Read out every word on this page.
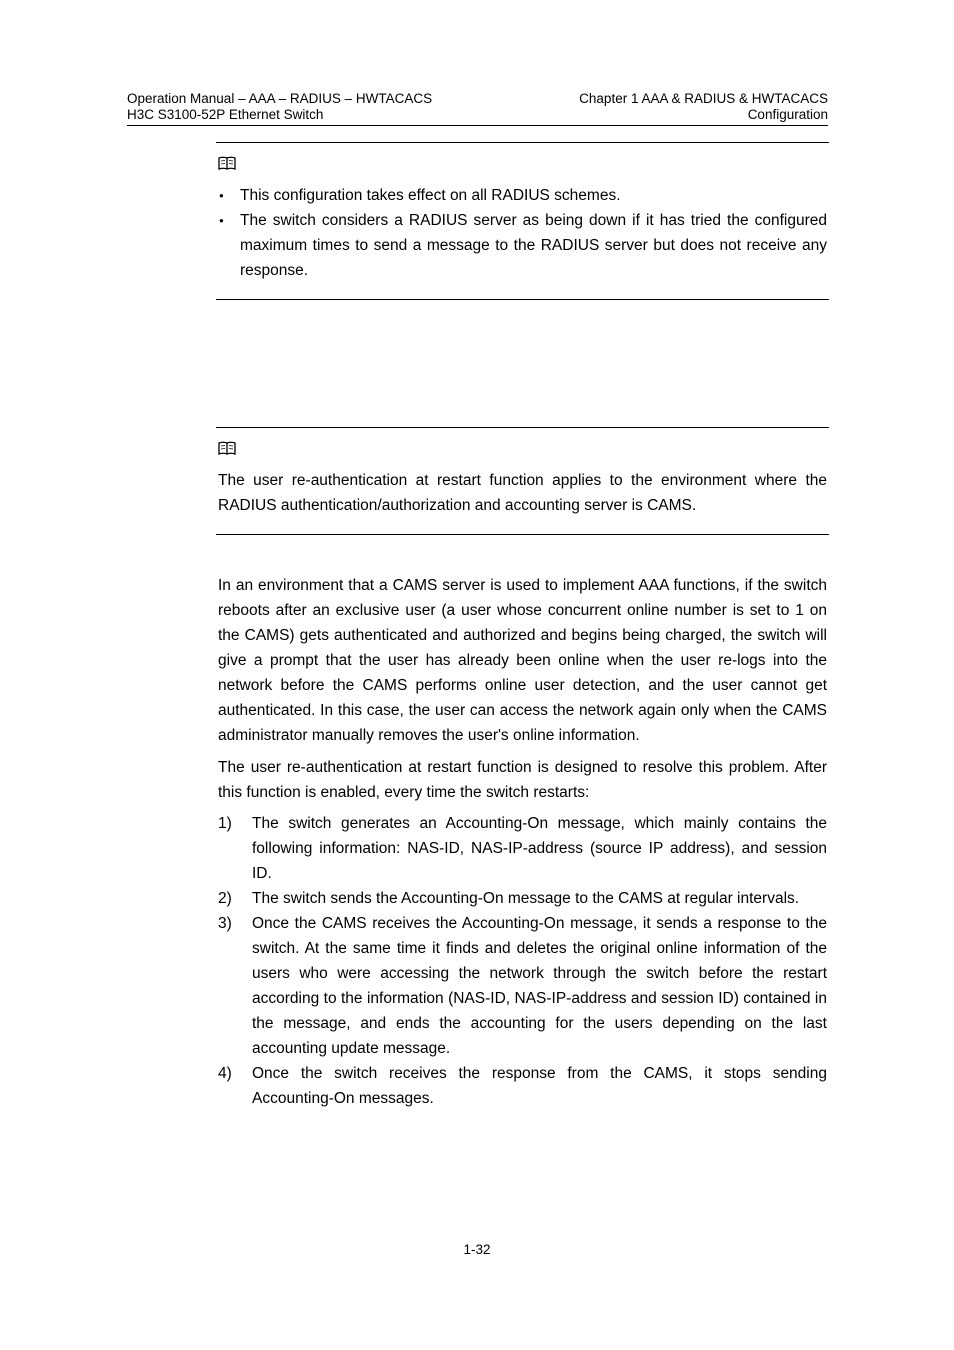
Operation Manual – AAA – RADIUS – HWTACACS
H3C S3100-52P Ethernet Switch
Chapter 1 AAA & RADIUS & HWTACACS
Configuration
● This configuration takes effect on all RADIUS schemes.
● The switch considers a RADIUS server as being down if it has tried the configured maximum times to send a message to the RADIUS server but does not receive any response.

The user re-authentication at restart function applies to the environment where the RADIUS authentication/authorization and accounting server is CAMS.

In an environment that a CAMS server is used to implement AAA functions, if the switch reboots after an exclusive user (a user whose concurrent online number is set to 1 on the CAMS) gets authenticated and authorized and begins being charged, the switch will give a prompt that the user has already been online when the user re-logs into the network before the CAMS performs online user detection, and the user cannot get authenticated. In this case, the user can access the network again only when the CAMS administrator manually removes the user's online information.

The user re-authentication at restart function is designed to resolve this problem. After this function is enabled, every time the switch restarts:

1) The switch generates an Accounting-On message, which mainly contains the following information: NAS-ID, NAS-IP-address (source IP address), and session ID.
2) The switch sends the Accounting-On message to the CAMS at regular intervals.
3) Once the CAMS receives the Accounting-On message, it sends a response to the switch. At the same time it finds and deletes the original online information of the users who were accessing the network through the switch before the restart according to the information (NAS-ID, NAS-IP-address and session ID) contained in the message, and ends the accounting for the users depending on the last accounting update message.
4) Once the switch receives the response from the CAMS, it stops sending Accounting-On messages.
1-32
